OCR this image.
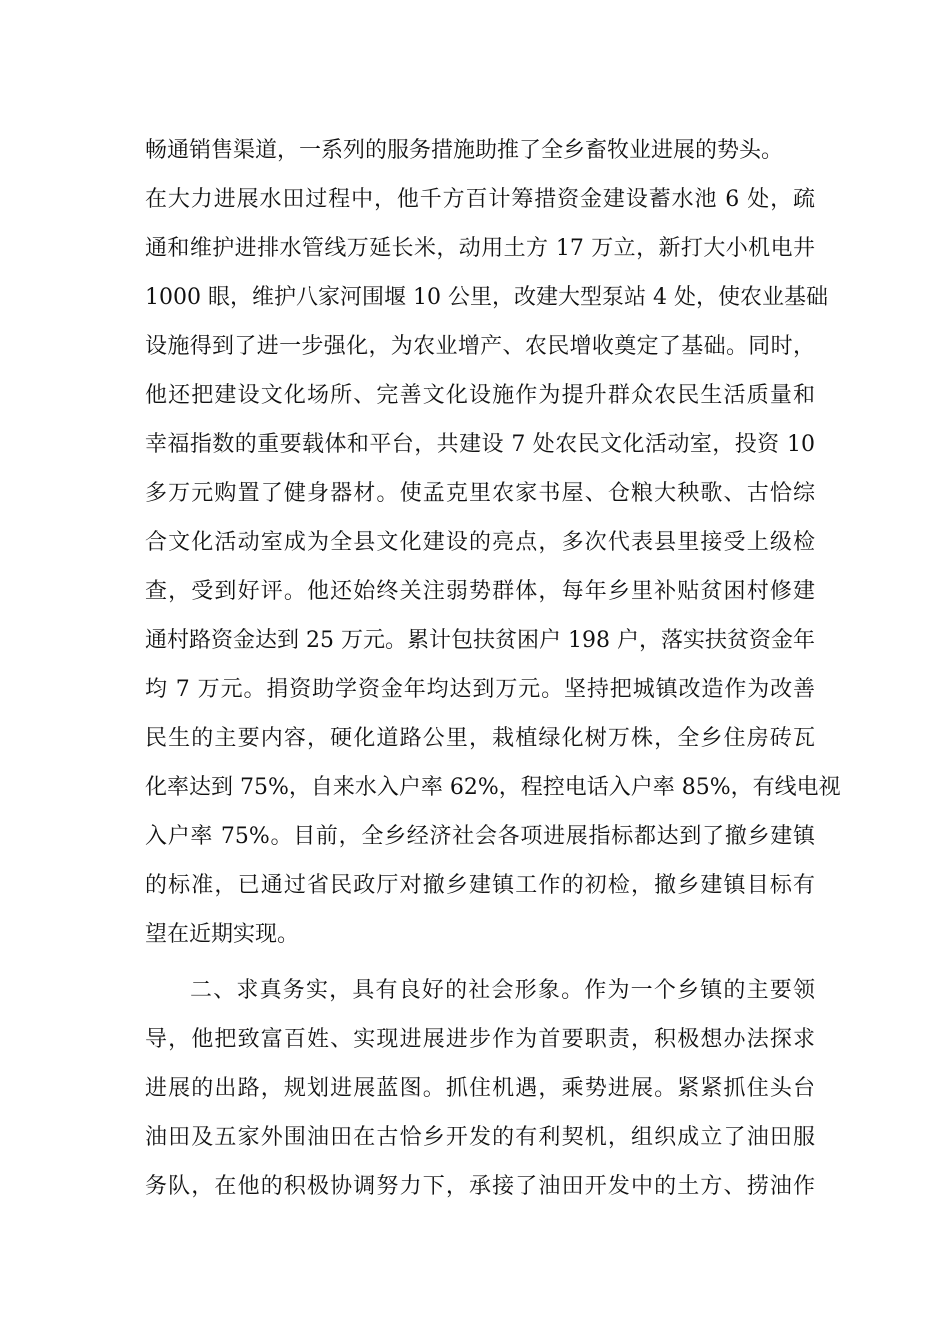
畅通销售渠道，一系列的服务措施助推了全乡畜牧业进展的势头。
在大力进展水田过程中，他千方百计筹措资金建设蓄水池 6 处，疏
通和维护进排水管线万延长米，动用土方 17 万立，新打大小机电井
1000 眼，维护八家河围堰 10 公里，改建大型泵站 4 处，使农业基础
设施得到了进一步强化，为农业增产、农民增收奠定了基础。同时，
他还把建设文化场所、完善文化设施作为提升群众农民生活质量和
幸福指数的重要载体和平台，共建设 7 处农民文化活动室，投资 10
多万元购置了健身器材。使孟克里农家书屋、仓粮大秧歌、古恰综
合文化活动室成为全县文化建设的亮点，多次代表县里接受上级检
查，受到好评。他还始终关注弱势群体，每年乡里补贴贫困村修建
通村路资金达到 25 万元。累计包扶贫困户 198 户，落实扶贫资金年
均 7 万元。捐资助学资金年均达到万元。坚持把城镇改造作为改善
民生的主要内容，硬化道路公里，栽植绿化树万株，全乡住房砖瓦
化率达到 75%，自来水入户率 62%，程控电话入户率 85%，有线电视
入户率 75%。目前，全乡经济社会各项进展指标都达到了撤乡建镇
的标准，已通过省民政厅对撤乡建镇工作的初检，撤乡建镇目标有
望在近期实现。
二、求真务实，具有良好的社会形象。作为一个乡镇的主要领
导，他把致富百姓、实现进展进步作为首要职责，积极想办法探求
进展的出路，规划进展蓝图。抓住机遇，乘势进展。紧紧抓住头台
油田及五家外围油田在古恰乡开发的有利契机，组织成立了油田服
务队，在他的积极协调努力下，承接了油田开发中的土方、捞油作
